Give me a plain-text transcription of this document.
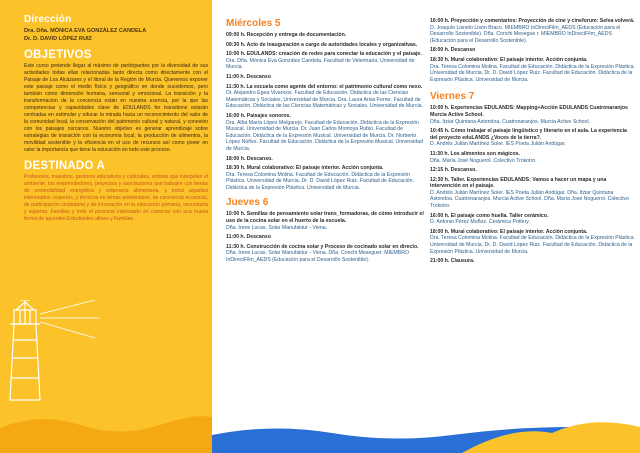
Dirección
Dra. Dña. MÓNICA EVA GONZÁLEZ CANDELA
Dr. D. DAVID LÓPEZ RUIZ
OBJETIVOS

Este curso pretende llegar al máximo de participantes por la diversidad de sus actividades todas ellas relacionadas tanto directa como directamente con el Paisaje de Los Alcázares y el litoral de la Región de Murcia. Queremos exponer este paisaje como el medio físico y geográfico en donde sucedemos, pero también como dimensión humana, sensorial y emocional. La transición y la transformación de la conciencia están en nuestra esencia, por la que las competencias y capacidades clave de EDULANDS for transitions estarán centradas en estimular y educar la mirada hacia un reconocimiento del valor de la comunidad local, la conservación del patrimonio cultural y natural, y conexión con los paisajes cercanos. Nuestro objetivo es generar aprendizaje sobre estrategias de transición con la economía local, la producción de alimentos, la movilidad sostenible y la eficiencia en el uso de recursos así como poner en valor la importancia que tiene la educación en todo este proceso.

DESTINADO A

Profesores, maestros, gestores educativos y culturales, artistas que interpelen el ambiente, los emprendedores, proyectos y asociaciones que trabajen con temas de sostenibilidad energética y soberanía alimentaria, y todos aquellos interesados, expertos, y técnicos en temas ambientales, de conciencia ecosocial, de participación ciudadana y de innovación en la educación primaria, secundaria y superior. Familias y todo el personal interesado en conectar con una nueva forma de aprender.Estudiantes afines y Familias.

Miércoles 5
09:00 h. Recepción y entrega de documentación.
09:30 h. Acto de inauguración a cargo de autoridades locales y organizativas.
10:00 h. EDULANDS: creación de redes para conectar la educación y el paisaje.
Dra. Dña. Mónica Eva González Candela. Facultad de Veterinaria. Universidad de Murcia.
11:00 h. Descanso
11:30 h. La escuela como agente del entorno: el patrimonio cultural como nexo.
Dr. Alejandro Egea Vivancos. Facultad de Educación. Didáctica de las Ciencias Matemáticas y Sociales. Universidad de Murcia. Dra. Laura Arias Ferrer. Facultad de Educación. Didáctica de las Ciencias Matemáticas y Sociales. Universidad de Murcia.
16:00 h. Paisajes sonoros.
Dra. Alba María López Melgarejo. Facultad de Educación. Didáctica de la Expresión Musical. Universidad de Murcia. Dr. Juan Carlos Montoya Rubio. Facultad de Educación. Didáctica de la Expresión Musical. Universidad de Murcia. Dr. Norberto López Núñez. Facultad de Educación. Didáctica de la Expresión Musical. Universidad de Murcia.
18:00 h. Descanso.
18:30 h. Mural colaborativo: El paisaje interior. Acción conjunta.
Dra. Teresa Colomina Molina. Facultad de Educación. Didáctica de la Expresión Plástica. Universidad de Murcia. Dr. D. David López Ruiz. Facultad de Educación. Didáctica de la Expresión Plástica. Universidad de Murcia.
Jueves 6
10:00 h. Semillas de pensamiento solar trans_formadoras, de cómo introducir el uso de la cocina solar en el huerto de la escuela.
Dña. Irene Lucas. Solar Manufaktur - Viena.
11:00 h. Descanso
11:30 h. Construcción de cocina solar y Proceso de cocinado solar en directo.
Dña. Irene Lucas. Solar Manufaktur - Viena. Dña. Conchi Meseguer. MIEMBRO InDirectFilm_AEDS (Educación para el Desarrollo Sostenible).
16:00 h. Proyección y comentarios: Proyección de cine y cineforum: Selva volverá.
D. Joaquín Lisnelo Lisón Braco. MIEMBRO InDirectFilm_AEDS (Educación para el Desarrollo Sostenible). Dña. Conchi Mesegue r. MIEMBRO InDirectFilm_AEDS (Educación para el Desarrollo Sostenible).
18:00 h. Descanso
18:30 h. Mural colaborativo: El paisaje interior. Acción conjunta.
Dra. Teresa Colomina Molina. Facultad de Educación. Didáctica de la Expresión Plástica. Universidad de Murcia. Dr. D. David López Ruiz. Facultad de Educación. Didáctica de la Expresión Plástica. Universidad de Murcia.
Viernes 7
10:00 h. Experiencias EDULANDS: Mapping+Acción EDULANDS Cuatronaranjos Murcia Active School.
Dña. Itziar Quintana Astondoa. Cuatronaranjos. Murcia Active School.
10:45 h. Cómo trabajar el paisaje lingüístico y literario en el aula. La experiencia del proyecto eduLANDS ¿Voces de la tierra?.
D. Andrés Julián Martínez Soler. IES Poeta Julián Andúgar.
11:30 h. Los alimentos son mágicos.
Dña. María José Noguerol. Colectivo Trokotro.
12:15 h. Descanso.
12:30 h. Taller. Experiencias EDULANDS: Vamos a hacer un mapa y una intervención en el paisaje.
D. Andrés Julián Martínez Soler. IES Poeta Julián Andúgar. Dña. Itziar Quintana Astondoa. Cuatronaranjos. Murcia Active School. Dña. María José Noguerol. Colectivo Trokotro.
16:00 h. El paisaje como huella. Taller cerámico.
D. Antonio Pérez Muñoz. Cerámica Pottery.
18:00 h. Mural colaborativo: El paisaje interior. Acción conjunta.
Dra. Teresa Colomina Molina. Facultad de Educación. Didáctica de la Expresión Plástica. Universidad de Murcia. Dr. D. David López Ruiz. Facultad de Educación. Didáctica de la Expresión Plástica. Universidad de Murcia.
21:00 h. Clausura.
